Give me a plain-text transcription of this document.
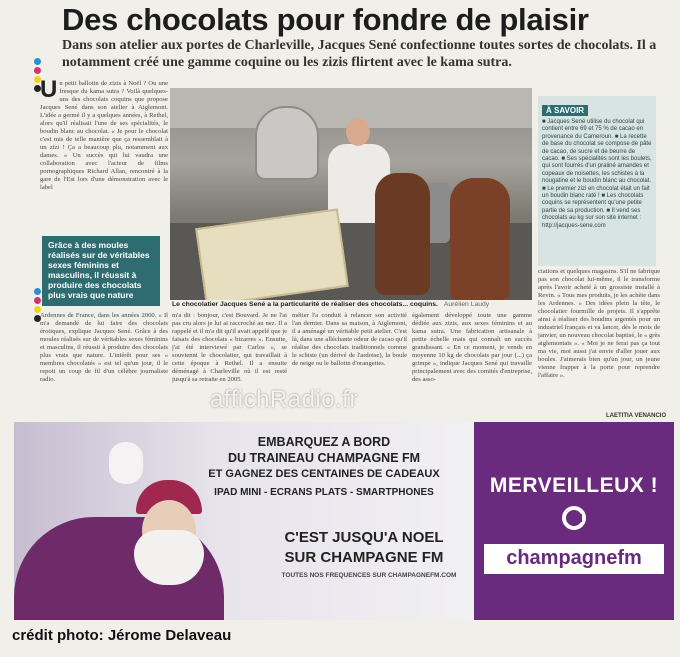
Des chocolats pour fondre de plaisir
Dans son atelier aux portes de Charleville, Jacques Sené confectionne toutes sortes de chocolats. Il a notamment créé une gamme coquine ou les zizis flirtent avec le kama sutra.
U n petit ballotin de zizis à Noël ? Ou une fresque du kama sutra ? Voilà quelques-uns des chocolats coquins que propose Jacques Sené dans son atelier à Aiglemont. L'idée a germé il y a quelques années, à Rethel, alors qu'il réalisait l'une de ses spécialités, le boudin blanc au chocolat. « Je pour le chocolat c'est mis de telle manière que ça ressemblait à un zizi ! Ça a beaucoup plu, notamment aux dames. » Un succès qui lui vaudra une collaboration avec l'acteur de films pornographiques Richard Allan, rencontré à la gare de l'Est lors d'une démonstration avec le label
Grâce à des moules réalisés sur de véritables sexes féminins et masculins, il réussit à produire des chocolats plus vrais que nature
Ardennes de France, dans les années 2000. « Il m'a demandé de lui faire des chocolats érotiques, explique Jacques Sené. Grâce à des moules réalisés sur de véritables sexes féminins et masculins, il réussit à produire des chocolats plus vrais que nature. L'intérêt pour ses « membres chocolatés » est tel qu'un jour, il le repoit un coup de fil d'un célèbre journaliste radio.
Le chocolatier Jacques Sené a la particularité de réaliser des chocolats... coquins. Aurélien Laudy
m'a dit : bonjour, c'est Bouvard. Je ne l'ai pas cru alors je lui ai raccroché au nez. Il a rappelé et il m'a dit qu'il avait appelé que je faisais des chocolats « bizarres ». Ensuite, j'ai été interviewé par Carlos », se souviennt le chocolatier, qui travaillait à cette époque à Rethel. Il a ensuite déménagé à Charleville où il est resté jusqu'à sa retraite en 2005.
métier l'a conduit à relancer son activité l'an dernier. Dans sa maison, à Aiglemont, il a aménagé un véritable petit atelier. C'est là, dans une alléchante odeur de cacao qu'il réalise des chocolats traditionnels comme le schiste (un dérivé de l'ardoise), la boule de neige ou le ballotin d'orangettes.
également développé toute une gamme dédiée aux zizis, aux sexes féminins et au kama sutra. Une fabrication artisanale à petite échelle mais qui connaît un succès grandissant. « En ce moment, je vends en moyenne 10 kg de chocolats par jour (...) ça grimpe », indique Jacques Sené qui travaille principalement avec des comités d'entreprise, des asso-
À SAVOIR
■ Jacques Sené utilise du chocolat qui contient entre 69 et 75 % de cacao en provenance du Cameroun. ■ La recette de base du chocolat se compose de pâte de cacao, de sucre et de beurre de cacao. ■ Ses spécialités sont les boulets, qui sont fourrés d'un praliné amandes et copeaux de noisettes, les schistes à la nougatine et le boudin blanc au chocolat. ■ Le premier zizi en chocolat était un fait un boudin blanc raté ! ■ Les chocolats coquins se représentent qu'une petite partie de sa production. ■ Il vend ses chocolats au kg sur son site internet : http://jacques-sene.com
ciations et quelques magasins. S'il ne fabrique pas son chocolat lui-même, il le transforme après l'avoir acheté à un grossiste installé à Revin. « Tous mes produits, je les achète dans les Ardennes. » Des idées plein la tête, le chocolatier fourmille de projets. Il s'apprête ainsi à réaliser des boudins argentés pour un industriel français et va lancer, dès le mois de janvier, un nouveau chocolat baptisé, le « grès aiglemontais ». « Moi je ne ferai pas ça tout ma vie, moi aussi j'ai envie d'aller jouer aux boules. J'aimerais bien qu'un jour, un jeune vienne frapper à la porte pour reprendre l'affaire ».
LAETITIA VENANCIO
affichRadio.fr
EMBARQUEZ A BORD
DU TRAINEAU CHAMPAGNE FM
ET GAGNEZ DES CENTAINES DE CADEAUX
IPAD MINI - ECRANS PLATS - SMARTPHONES
C'EST JUSQU'A NOEL
SUR CHAMPAGNE FM
TOUTES NOS FREQUENCES SUR CHAMPAGNEFM.COM
MERVEILLEUX !
champagnefm
crédit photo: Jérome Delaveau
